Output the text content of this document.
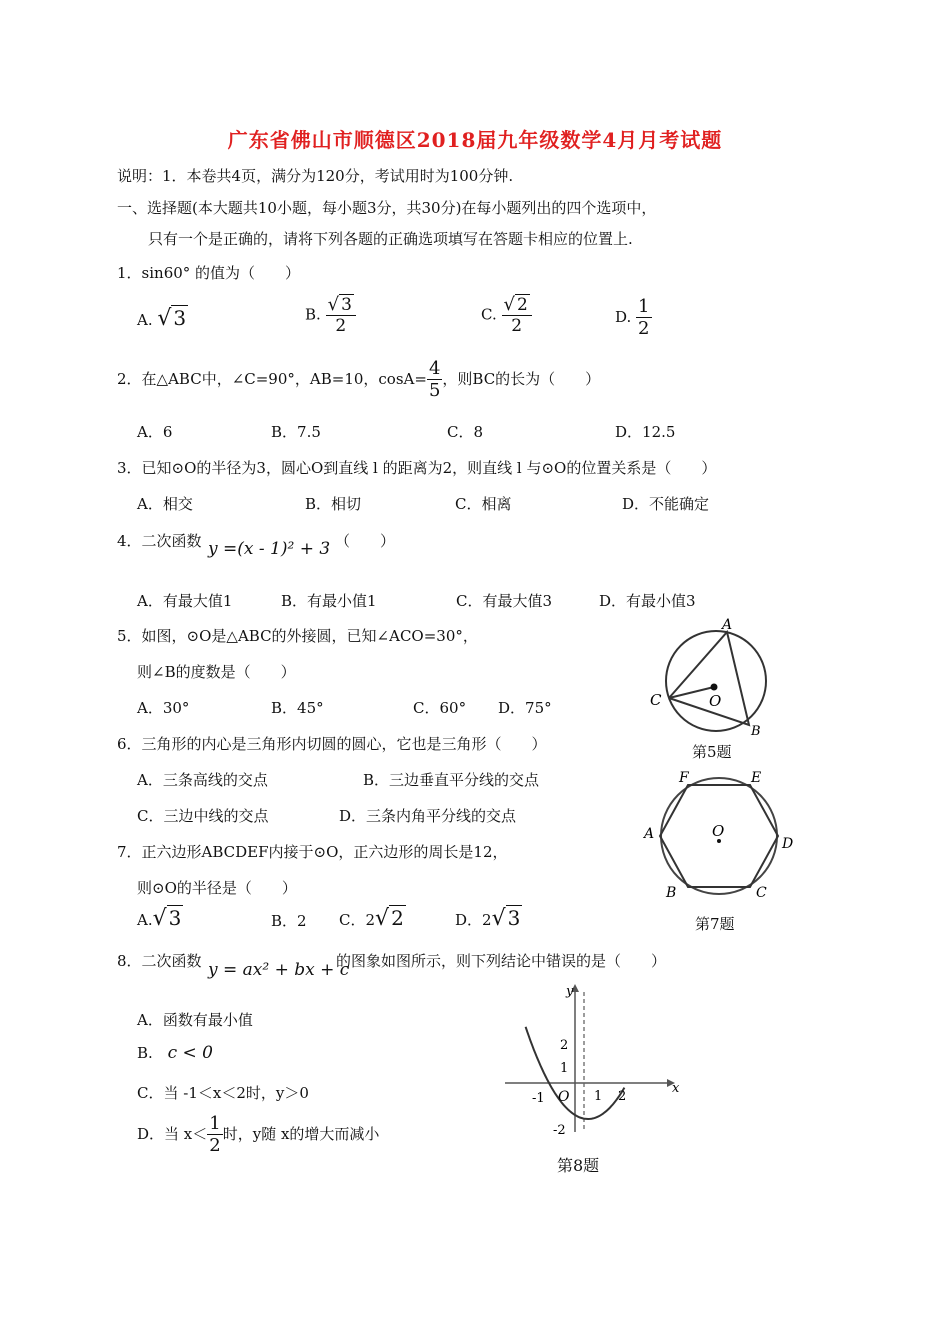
广东省佛山市顺德区2018届九年级数学4月月考试题
说明：1．本卷共4页，满分为120分，考试用时为100分钟.
一、选择题(本大题共10小题，每小题3分，共30分)在每小题列出的四个选项中，
只有一个是正确的，请将下列各题的正确选项填写在答题卡相应的位置上.
1．sin60° 的值为（　　）
A. √ 3	B. $\frac{√ 3}{2}$	C. $\frac{√ 2}{2}$	D. $\frac{1}{2}$
2．在△ABC中，∠C=90°，AB=10，$\cos A= \frac{4}{5}$ ，则BC的长为（　　）
A．6	B．7.5	C．8	D．12.5
3．已知⊙O的半径为3，圆心O到直线 l 的距离为2，则直线 l 与⊙O的位置关系是（　　）
A．相交	B．相切	C．相离	D．不能确定
4．二次函数 y =(x - 1)² + 3 （　　）
A．有最大值1	B．有最小值1	C．有最大值3	D．有最小值3
5．如图，⊙O是△ABC的外接圆，已知∠ACO=30°，
则∠B的度数是（　　）
A．30°	B．45°	C．60° D．75°
A
B
C	O
第5题
6．三角形的内心是三角形内切圆的圆心，它也是三角形（　　）
A．三条高线的交点	B．三边垂直平分线的交点
C．三边中线的交点	D．三条内角平分线的交点
F	E
A
D
B	C
O
第7题
7．正六边形ABCDEF内接于⊙O，正六边形的周长是12，
则⊙O的半径是（　　）
A.√ 3	B．2 C．2√ 2	D．2√ 3
8．二次函数 y = ax² + bx + c
的图象如图所示，则下列结论中错误的是（　　）
A．函数有最小值
B. c < 0
C．当 -1＜x＜2时，y＞0
D．当 $x< \frac{1}{2}$ 时，y随 x的增大而减小
y
x
O
2
1
-1	1 2
-2
第8题
